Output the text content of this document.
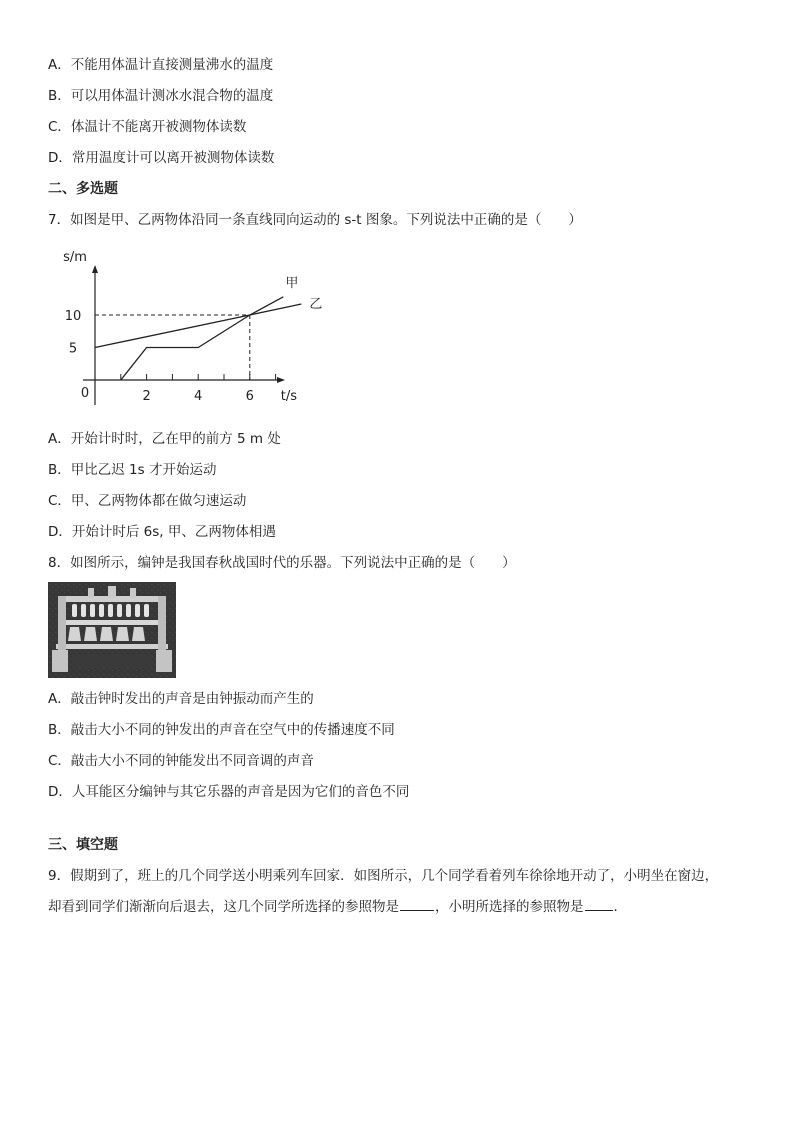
A．不能用体温计直接测量沸水的温度
B．可以用体温计测冰水混合物的温度
C．体温计不能离开被测物体读数
D．常用温度计可以离开被测物体读数
二、多选题
7．如图是甲、乙两物体沿同一条直线同向运动的 s-t 图象。下列说法中正确的是（　　）
2	4	6
5
10
0
s/m
t/s
甲
乙
A．开始计时时，乙在甲的前方 5 m 处
B．甲比乙迟 1s 才开始运动
C．甲、乙两物体都在做匀速运动
D．开始计时后 6s, 甲、乙两物体相遇
8．如图所示，编钟是我国春秋战国时代的乐器。下列说法中正确的是（　　）
A．敲击钟时发出的声音是由钟振动而产生的
B．敲击大小不同的钟发出的声音在空气中的传播速度不同
C．敲击大小不同的钟能发出不同音调的声音
D．人耳能区分编钟与其它乐器的声音是因为它们的音色不同
三、填空题
9．假期到了，班上的几个同学送小明乘列车回家．如图所示，几个同学看着列车徐徐地开动了，小明坐在窗边，
却看到同学们渐渐向后退去，这几个同学所选择的参照物是	，小明所选择的参照物是 ．
